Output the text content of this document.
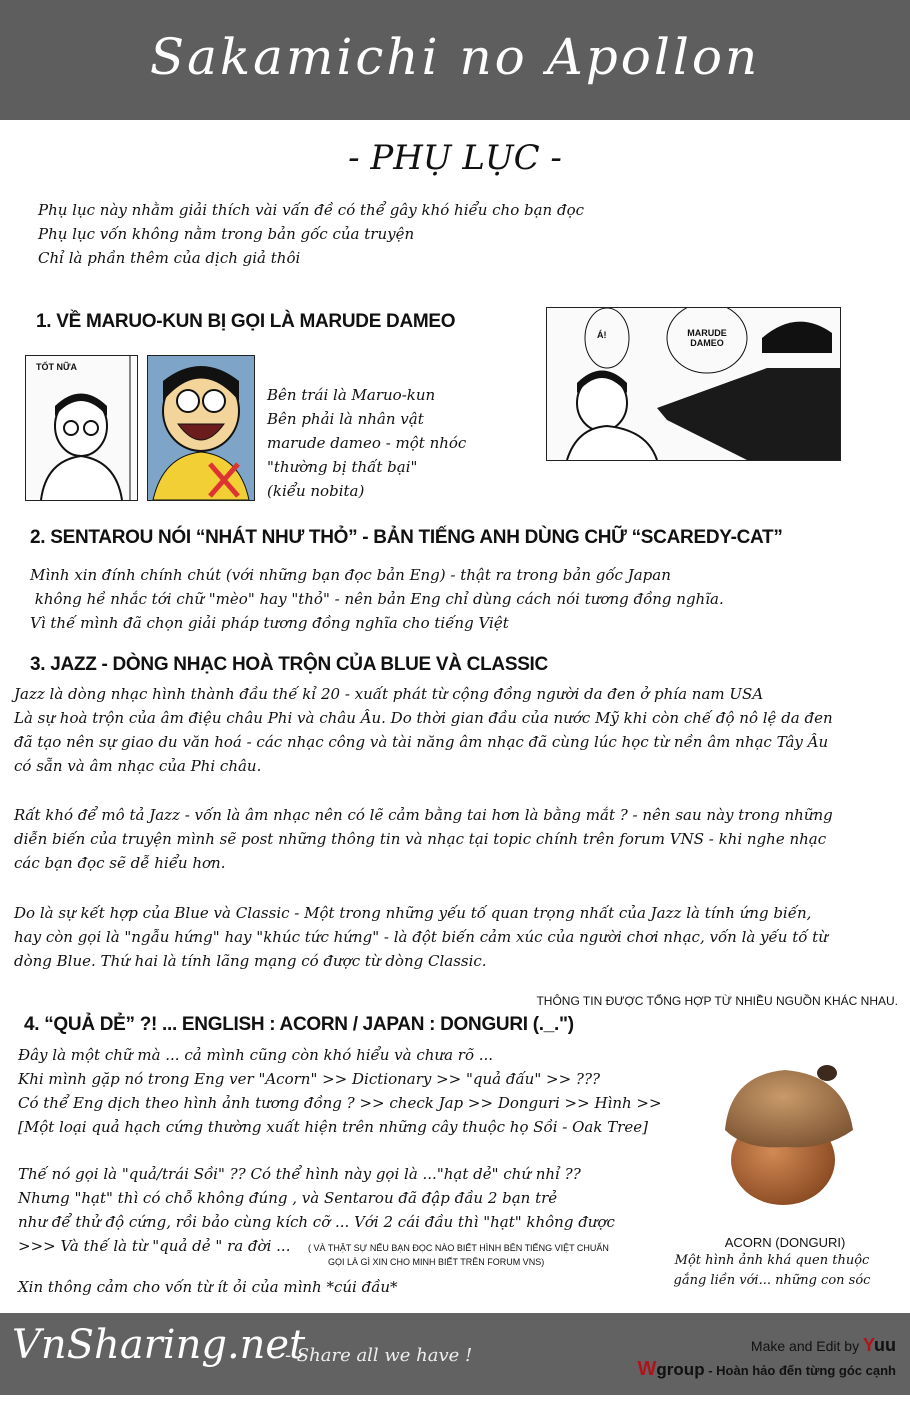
Sakamichi no Apollon
- PHỤ LỤC -
Phụ lục này nhằm giải thích vài vấn đề có thể gây khó hiểu cho bạn đọc
Phụ lục vốn không nằm trong bản gốc của truyện
Chỉ là phần thêm của dịch giả thôi
1. VỀ MARUO-KUN BỊ GỌI LÀ MARUDE DAMEO
TỐT NỮA
Bên trái là Maruo-kun
Bên phải là nhân vật
marude dameo - một nhóc
"thường bị thất bại"
(kiểu nobita)
Á!	MARUDE DAMEO
2. SENTAROU NÓI “NHÁT NHƯ THỎ” - BẢN TIẾNG ANH DÙNG CHỮ “SCAREDY-CAT”
Mình xin đính chính chút (với những bạn đọc bản Eng) - thật ra trong bản gốc Japan
không hề nhắc tới chữ "mèo" hay "thỏ" - nên bản Eng chỉ dùng cách nói tương đồng nghĩa.
Vì thế mình đã chọn giải pháp tương đồng nghĩa cho tiếng Việt
3. JAZZ - DÒNG NHẠC HOÀ TRỘN CỦA BLUE VÀ CLASSIC
Jazz là dòng nhạc hình thành đầu thế kỉ 20 - xuất phát từ cộng đồng người da đen ở phía nam USA
Là sự hoà trộn của âm điệu châu Phi và châu Âu. Do thời gian đầu của nước Mỹ khi còn chế độ nô lệ da đen
đã tạo nên sự giao du văn hoá - các nhạc công và tài năng âm nhạc đã cùng lúc học từ nền âm nhạc Tây Âu
có sẵn và âm nhạc của Phi châu.
Rất khó để mô tả Jazz - vốn là âm nhạc nên có lẽ cảm bằng tai hơn là bằng mắt ? - nên sau này trong những
diễn biến của truyện mình sẽ post những thông tin và nhạc tại topic chính trên forum VNS - khi nghe nhạc
các bạn đọc sẽ dễ hiểu hơn.
Do là sự kết hợp của Blue và Classic - Một trong những yếu tố quan trọng nhất của Jazz là tính ứng biến,
hay còn gọi là "ngẫu hứng" hay "khúc tức hứng" - là đột biến cảm xúc của người chơi nhạc, vốn là yếu tố từ
dòng Blue. Thứ hai là tính lãng mạng có được từ dòng Classic.
THÔNG TIN ĐƯỢC TỔNG HỢP TỪ NHIỀU NGUỒN KHÁC NHAU.
4. “QUẢ DẺ” ?! ... ENGLISH : ACORN / JAPAN : DONGURI (._.")
Đây là một chữ mà ... cả mình cũng còn khó hiểu và chưa rõ ...
Khi mình gặp nó trong Eng ver "Acorn" >> Dictionary >> "quả đấu" >> ???
Có thể Eng dịch theo hình ảnh tương đồng ? >> check Jap >> Donguri >> Hình >>
[Một loại quả hạch cứng thường xuất hiện trên những cây thuộc họ Sồi - Oak Tree]
Thế nó gọi là "quả/trái Sồi" ?? Có thể hình này gọi là ..."hạt dẻ" chứ nhỉ ??
Nhưng "hạt" thì có chỗ không đúng , và Sentarou đã đập đầu 2 bạn trẻ
như để thử độ cứng, rồi bảo cùng kích cỡ ... Với 2 cái đầu thì "hạt" không được
>>> Và thế là từ "quả dẻ " ra đời ...	( VÀ THẬT SỰ NẾU BẠN ĐỌC NÀO BIẾT HÌNH BÊN TIẾNG VIỆT CHUẨN
GỌI LÀ GÌ XIN CHO MINH BIẾT TRÊN FORUM VNS)
Xin thông cảm cho vốn từ ít ỏi của mình *cúi đầu*
ACORN (DONGURI)
Một hình ảnh khá quen thuộc
gắng liền với... những con sóc
VnSharing.net
- Share all we have !	Make and Edit by Yuu
Wgroup - Hoàn hảo đến từng góc cạnh
